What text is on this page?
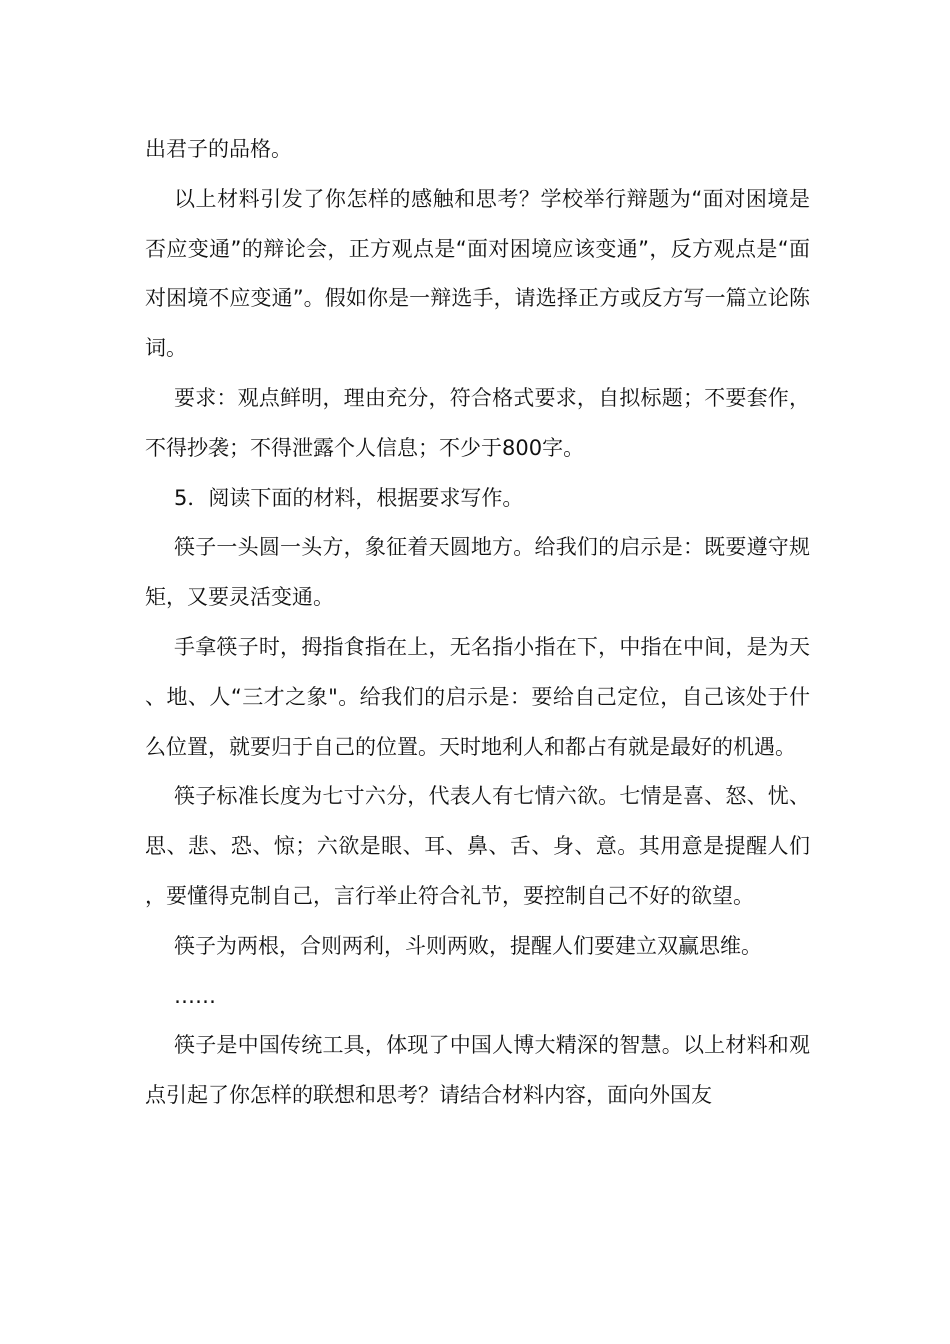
出君子的品格。

以上材料引发了你怎样的感触和思考？学校举行辩题为“面对困境是否应变通”的辩论会，正方观点是“面对困境应该变通”，反方观点是“面对困境不应变通”。假如你是一辩选手，请选择正方或反方写一篇立论陈词。

要求：观点鲜明，理由充分，符合格式要求，自拟标题；不要套作，不得抄袭；不得泄露个人信息；不少于800字。

5．阅读下面的材料，根据要求写作。

筷子一头圆一头方，象征着天圆地方。给我们的启示是：既要遵守规矩，又要灵活变通。

手拿筷子时，拇指食指在上，无名指小指在下，中指在中间，是为天、地、人“三才之象"。给我们的启示是：要给自己定位，自己该处于什么位置，就要归于自己的位置。天时地利人和都占有就是最好的机遇。

筷子标准长度为七寸六分，代表人有七情六欲。七情是喜、怒、忧、思、悲、恐、惊；六欲是眼、耳、鼻、舌、身、意。其用意是提醒人们，要懂得克制自己，言行举止符合礼节，要控制自己不好的欲望。

筷子为两根，合则两利，斗则两败，提醒人们要建立双赢思维。

……

筷子是中国传统工具，体现了中国人博大精深的智慧。以上材料和观点引起了你怎样的联想和思考？请结合材料内容，面向外国友
